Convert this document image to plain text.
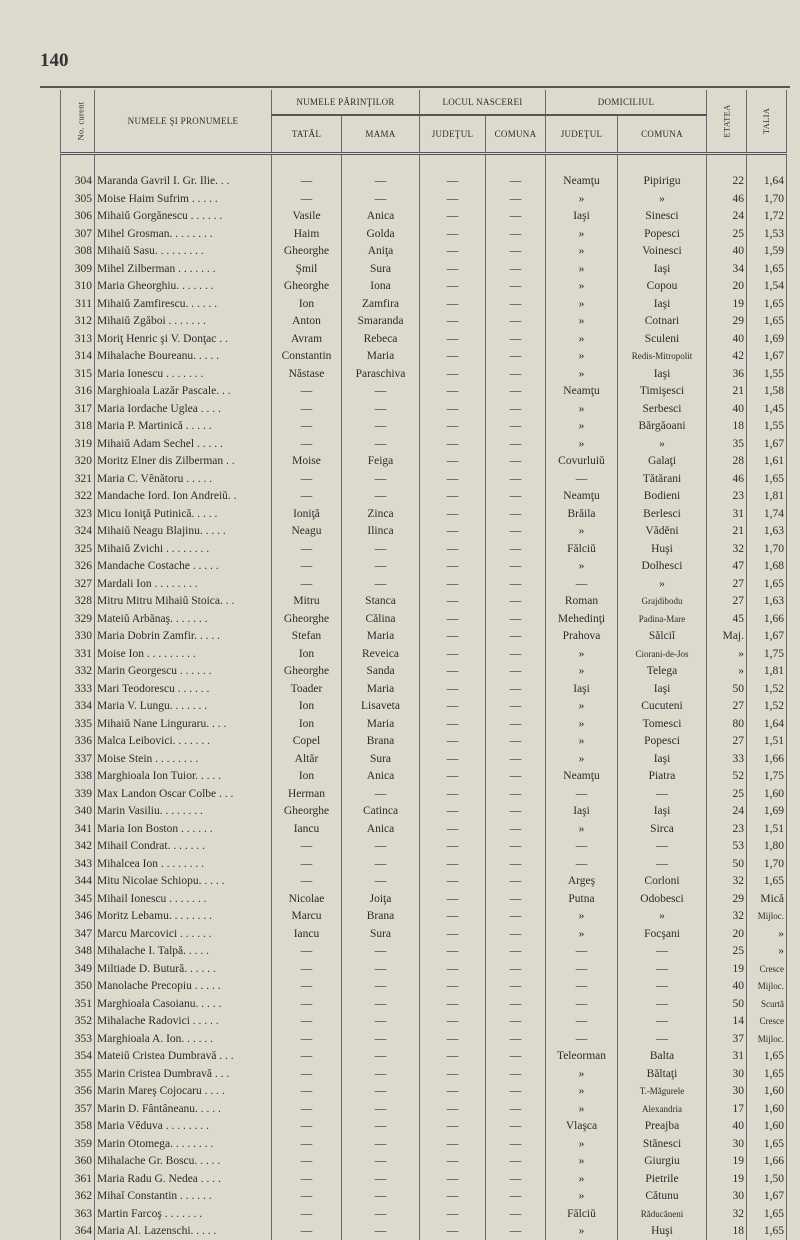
140
No. curent	NUMELE ŞI PRONUMELE	NUMELE PĂRINŢILOR		LOCUL NASCEREI		DOMICILIUL		ETATEA	TALIA
		TATĂL	MAMA	JUDEŢUL	COMUNA	JUDEŢUL	COMUNA		

304	Maranda Gavril I. Gr. Ilie. . .	—	—	—	—	Neamţu	Pipirigu	22	1,64
305	Moise Haim Sufrim . . . . .	—	—	—	—	»	»	46	1,70
306	Mihaiŭ Gorgănescu . . . . . .	Vasile	Anica	—	—	Iaşi	Sinesci	24	1,72
307	Mihel Grosman. . . . . . . .	Haim	Golda	—	—	»	Popesci	25	1,53
308	Mihaiŭ Sasu. . . . . . . . .	Gheorghe	Aniţa	—	—	»	Voinesci	40	1,59
309	Mihel Zilberman . . . . . . .	Şmil	Sura	—	—	»	Iaşi	34	1,65
310	Maria Gheorghiu. . . . . . .	Gheorghe	Iona	—	—	»	Copou	20	1,54
311	Mihaiŭ Zamfirescu. . . . . .	Ion	Zamfira	—	—	»	Iaşi	19	1,65
312	Mihaiŭ Zgăboi . . . . . . .	Anton	Smaranda	—	—	»	Cotnari	29	1,65
313	Moriţ Henric şi V. Donţac . .	Avram	Rebeca	—	—	»	Sculeni	40	1,69
314	Mihalache Boureanu. . . . .	Constantin	Maria	—	—	»	Redis-Mitropolit	42	1,67
315	Maria Ionescu . . . . . . .	Năstase	Paraschiva	—	—	»	Iaşi	36	1,55
316	Marghioala Lazăr Pascale. . .	—	—	—	—	Neamţu	Timişesci	21	1,58
317	Maria Iordache Uglea . . . .	—	—	—	—	»	Serbesci	40	1,45
318	Maria P. Martinică . . . . .	—	—	—	—	»	Bărgăoani	18	1,55
319	Mihaiŭ Adam Sechel . . . . .	—	—	—	—	»	»	35	1,67
320	Moritz Elner dis Zilberman . .	Moise	Feiga	—	—	Covurluiŭ	Galaţi	28	1,61
321	Maria C. Vênătoru . . . . .	—	—	—	—	—	Tătărani	46	1,65
322	Mandache Iord. Ion Andreiŭ. .	—	—	—	—	Neamţu	Bodieni	23	1,81
323	Micu Ioniţă Putinică. . . . .	Ioniţă	Zinca	—	—	Brăila	Berlesci	31	1,74
324	Mihaiŭ Neagu Blajinu. . . . .	Neagu	Ilinca	—	—	»	Văděni	21	1,63
325	Mihaiŭ Zvichi . . . . . . . .	—	—	—	—	Fălciŭ	Huşi	32	1,70
326	Mandache Costache . . . . .	—	—	—	—	»	Dolhesci	47	1,68
327	Mardali Ion . . . . . . . .	—	—	—	—	—	»	27	1,65
328	Mitru Mitru Mihaiŭ Stoica. . .	Mitru	Stanca	—	—	Roman	Grajdibodu	27	1,63
329	Mateiŭ Arbănaş. . . . . . .	Gheorghe	Călina	—	—	Mehedinţi	Padina-Mare	45	1,66
330	Maria Dobrin Zamfir. . . . .	Stefan	Maria	—	—	Prahova	Sălciĭ	Maj.	1,67
331	Moise Ion . . . . . . . . .	Ion	Reveica	—	—	»	Ciorani-de-Jos	»	1,75
332	Marin Georgescu . . . . . .	Gheorghe	Sanda	—	—	»	Telega	»	1,81
333	Mari Teodorescu . . . . . .	Toader	Maria	—	—	Iaşi	Iaşi	50	1,52
334	Maria V. Lungu. . . . . . .	Ion	Lisaveta	—	—	»	Cucuteni	27	1,52
335	Mihaiŭ Nane Linguraru. . . .	Ion	Maria	—	—	»	Tomesci	80	1,64
336	Malca Leibovici. . . . . . .	Copel	Brana	—	—	»	Popesci	27	1,51
337	Moise Stein . . . . . . . .	Altăr	Sura	—	—	»	Iaşi	33	1,66
338	Marghioala Ion Tuior. . . . .	Ion	Anica	—	—	Neamţu	Piatra	52	1,75
339	Max Landon Oscar Colbe . . .	Herman	—	—	—	—	—	25	1,60
340	Marin Vasiliu. . . . . . . .	Gheorghe	Catinca	—	—	Iaşi	Iaşi	24	1,69
341	Maria Ion Boston . . . . . .	Iancu	Anica	—	—	»	Sirca	23	1,51
342	Mihail Condrat. . . . . . .	—	—	—	—	—	—	53	1,80
343	Mihalcea Ion . . . . . . . .	—	—	—	—	—	—	50	1,70
344	Mitu Nicolae Schiopu. . . . .	—	—	—	—	Argeş	Corloni	32	1,65
345	Mihail Ionescu . . . . . . .	Nicolae	Joiţa	—	—	Putna	Odobesci	29	Mică
346	Moritz Lebamu. . . . . . . .	Marcu	Brana	—	—	»	»	32	Mijloc.
347	Marcu Marcovici . . . . . .	Iancu	Sura	—	—	»	Focşani	20	»
348	Mihalache I. Talpă. . . . .	—	—	—	—	—	—	25	»
349	Miltiade D. Butură. . . . . .	—	—	—	—	—	—	19	Cresce
350	Manolache Precopiu . . . . .	—	—	—	—	—	—	40	Mijloc.
351	Marghioala Casoianu. . . . .	—	—	—	—	—	—	50	Scurtă
352	Mihalache Radovici . . . . .	—	—	—	—	—	—	14	Cresce
353	Marghioala A. Ion. . . . . .	—	—	—	—	—	—	37	Mijloc.
354	Mateiŭ Cristea Dumbravă . . .	—	—	—	—	Teleorman	Balta	31	1,65
355	Marin Cristea Dumbravă . . .	—	—	—	—	»	Băltaţi	30	1,65
356	Marin Mareş Cojocaru . . . .	—	—	—	—	»	T.-Măgurele	30	1,60
357	Marin D. Fântâneanu. . . . .	—	—	—	—	»	Alexandria	17	1,60
358	Maria Vĕduva . . . . . . . .	—	—	—	—	Vlaşca	Preajba	40	1,60
359	Marin Otomega. . . . . . . .	—	—	—	—	»	Stănesci	30	1,65
360	Mihalache Gr. Boscu. . . . .	—	—	—	—	»	Giurgiu	19	1,66
361	Maria Radu G. Nedea . . . .	—	—	—	—	»	Pietrile	19	1,50
362	Mihaĭ Constantin . . . . . .	—	—	—	—	»	Cătunu	30	1,67
363	Martin Farcoş . . . . . . .	—	—	—	—	Fălciŭ	Răducăneni	32	1,65
364	Maria Al. Lazenschi. . . . .	—	—	—	—	»	Huşi	18	1,65
